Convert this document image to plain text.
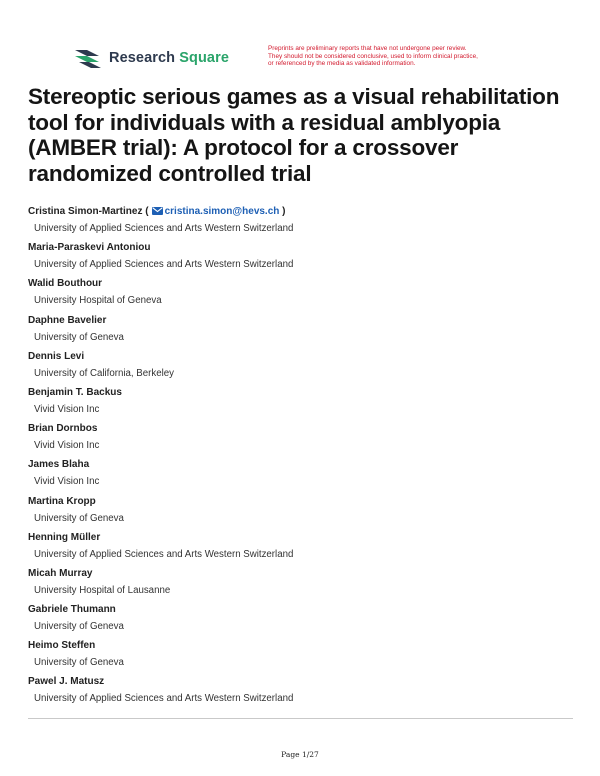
Research Square
Preprints are preliminary reports that have not undergone peer review.
They should not be considered conclusive, used to inform clinical practice,
or referenced by the media as validated information.
Stereoptic serious games as a visual rehabilitation tool for individuals with a residual amblyopia (AMBER trial): A protocol for a crossover randomized controlled trial
Cristina Simon-Martinez ( cristina.simon@hevs.ch )
University of Applied Sciences and Arts Western Switzerland
Maria-Paraskevi Antoniou
University of Applied Sciences and Arts Western Switzerland
Walid Bouthour
University Hospital of Geneva
Daphne Bavelier
University of Geneva
Dennis Levi
University of California, Berkeley
Benjamin T. Backus
Vivid Vision Inc
Brian Dornbos
Vivid Vision Inc
James Blaha
Vivid Vision Inc
Martina Kropp
University of Geneva
Henning Müller
University of Applied Sciences and Arts Western Switzerland
Micah Murray
University Hospital of Lausanne
Gabriele Thumann
University of Geneva
Heimo Steffen
University of Geneva
Pawel J. Matusz
University of Applied Sciences and Arts Western Switzerland
Page 1/27
